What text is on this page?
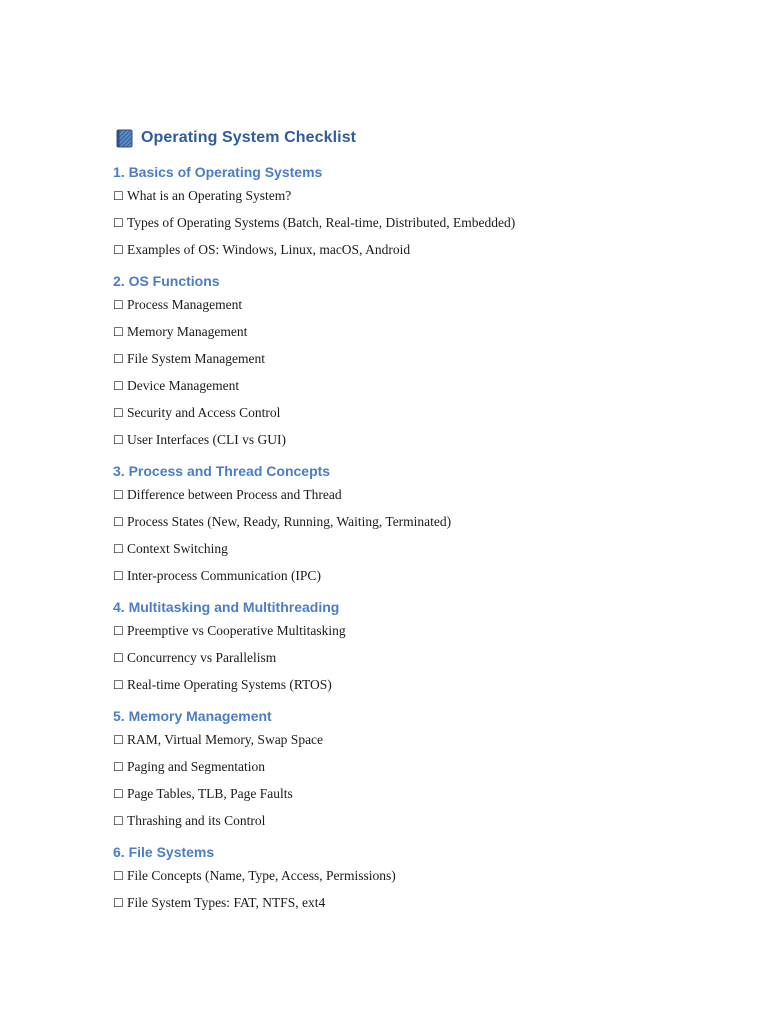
Operating System Checklist
1. Basics of Operating Systems
☐ What is an Operating System?
☐ Types of Operating Systems (Batch, Real-time, Distributed, Embedded)
☐ Examples of OS: Windows, Linux, macOS, Android
2. OS Functions
☐ Process Management
☐ Memory Management
☐ File System Management
☐ Device Management
☐ Security and Access Control
☐ User Interfaces (CLI vs GUI)
3. Process and Thread Concepts
☐ Difference between Process and Thread
☐ Process States (New, Ready, Running, Waiting, Terminated)
☐ Context Switching
☐ Inter-process Communication (IPC)
4. Multitasking and Multithreading
☐ Preemptive vs Cooperative Multitasking
☐ Concurrency vs Parallelism
☐ Real-time Operating Systems (RTOS)
5. Memory Management
☐ RAM, Virtual Memory, Swap Space
☐ Paging and Segmentation
☐ Page Tables, TLB, Page Faults
☐ Thrashing and its Control
6. File Systems
☐ File Concepts (Name, Type, Access, Permissions)
☐ File System Types: FAT, NTFS, ext4
